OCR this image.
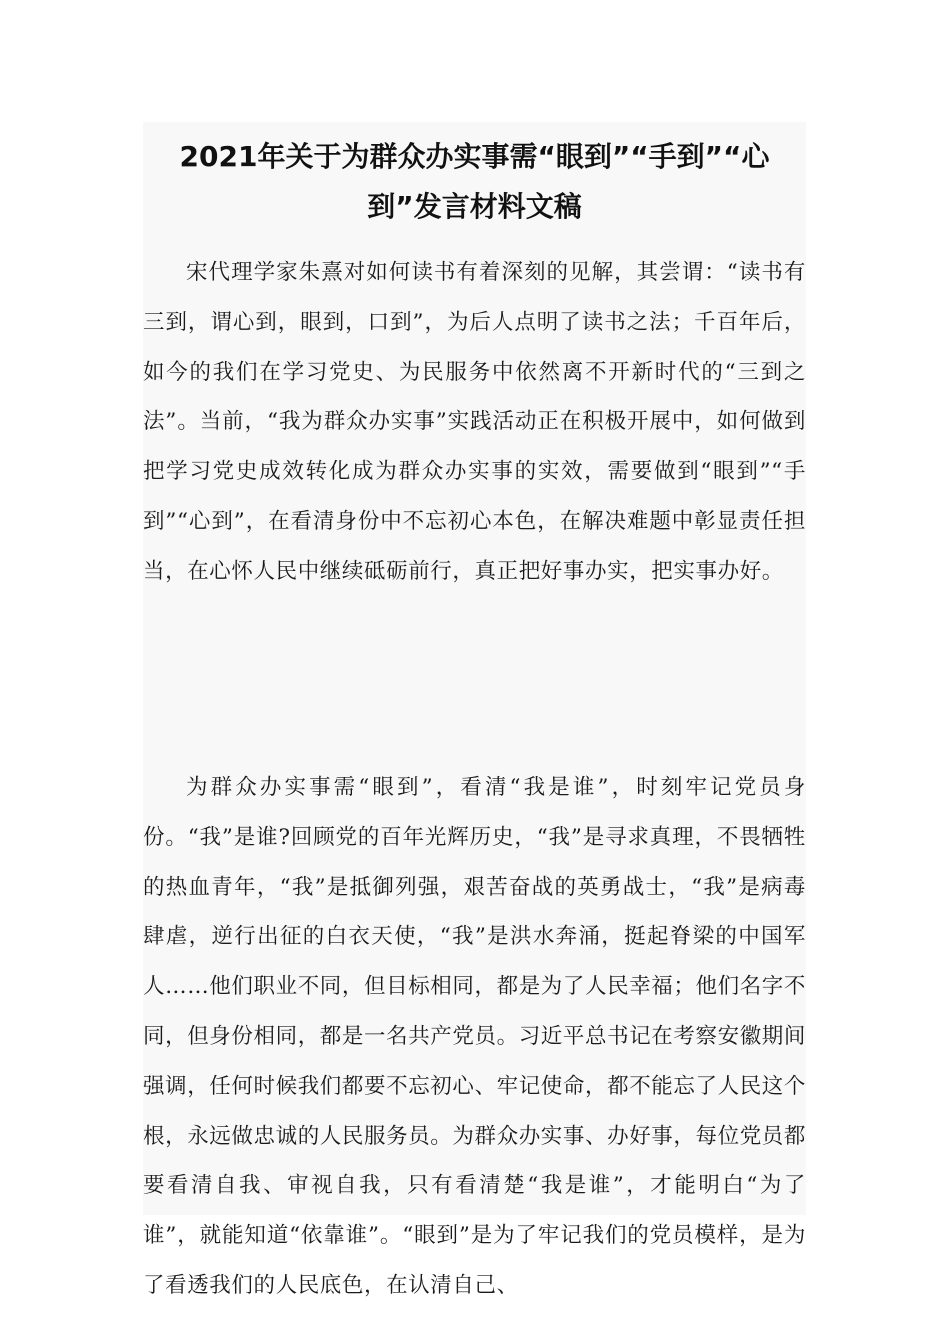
2021年关于为群众办实事需“眼到”“手到”“心到”发言材料文稿

宋代理学家朱熹对如何读书有着深刻的见解，其尝谓：“读书有三到，谓心到，眼到，口到”，为后人点明了读书之法；千百年后，如今的我们在学习党史、为民服务中依然离不开新时代的“三到之法”。当前，“我为群众办实事”实践活动正在积极开展中，如何做到把学习党史成效转化成为群众办实事的实效，需要做到“眼到”“手到”“心到”，在看清身份中不忘初心本色，在解决难题中彰显责任担当，在心怀人民中继续砥砺前行，真正把好事办实，把实事办好。

为群众办实事需“眼到”，看清“我是谁”，时刻牢记党员身份。“我”是谁?回顾党的百年光辉历史，“我”是寻求真理，不畏牺牲的热血青年，“我”是抵御列强，艰苦奋战的英勇战士，“我”是病毒肆虐，逆行出征的白衣天使，“我”是洪水奔涌，挺起脊梁的中国军人……他们职业不同，但目标相同，都是为了人民幸福；他们名字不同，但身份相同，都是一名共产党员。习近平总书记在考察安徽期间强调，任何时候我们都要不忘初心、牢记使命，都不能忘了人民这个根，永远做忠诚的人民服务员。为群众办实事、办好事，每位党员都要看清自我、审视自我，只有看清楚“我是谁”，才能明白“为了谁”，就能知道“依靠谁”。“眼到”是为了牢记我们的党员模样，是为了看透我们的人民底色，在认清自己、
